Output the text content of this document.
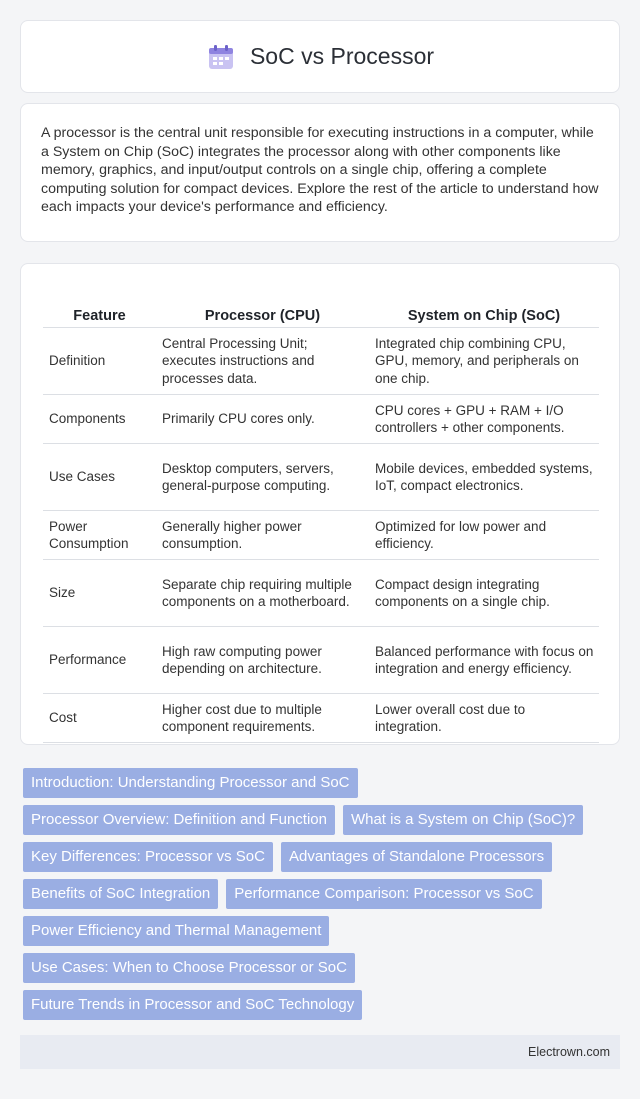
SoC vs Processor

A processor is the central unit responsible for executing instructions in a computer, while a System on Chip (SoC) integrates the processor along with other components like memory, graphics, and input/output controls on a single chip, offering a complete computing solution for compact devices. Explore the rest of the article to understand how each impacts your device's performance and efficiency.

Feature	Processor (CPU)	System on Chip (SoC)
Definition	Central Processing Unit; executes instructions and processes data.	Integrated chip combining CPU, GPU, memory, and peripherals on one chip.
Components	Primarily CPU cores only.	CPU cores + GPU + RAM + I/O controllers + other components.
Use Cases	Desktop computers, servers, general-purpose computing.	Mobile devices, embedded systems, IoT, compact electronics.
Power Consumption	Generally higher power consumption.	Optimized for low power and efficiency.
Size	Separate chip requiring multiple components on a motherboard.	Compact design integrating components on a single chip.
Performance	High raw computing power depending on architecture.	Balanced performance with focus on integration and energy efficiency.
Cost	Higher cost due to multiple component requirements.	Lower overall cost due to integration.
Introduction: Understanding Processor and SoC
Processor Overview: Definition and Function	What is a System on Chip (SoC)?
Key Differences: Processor vs SoC	Advantages of Standalone Processors
Benefits of SoC Integration	Performance Comparison: Processor vs SoC
Power Efficiency and Thermal Management
Use Cases: When to Choose Processor or SoC
Future Trends in Processor and SoC Technology
Electrown.com
